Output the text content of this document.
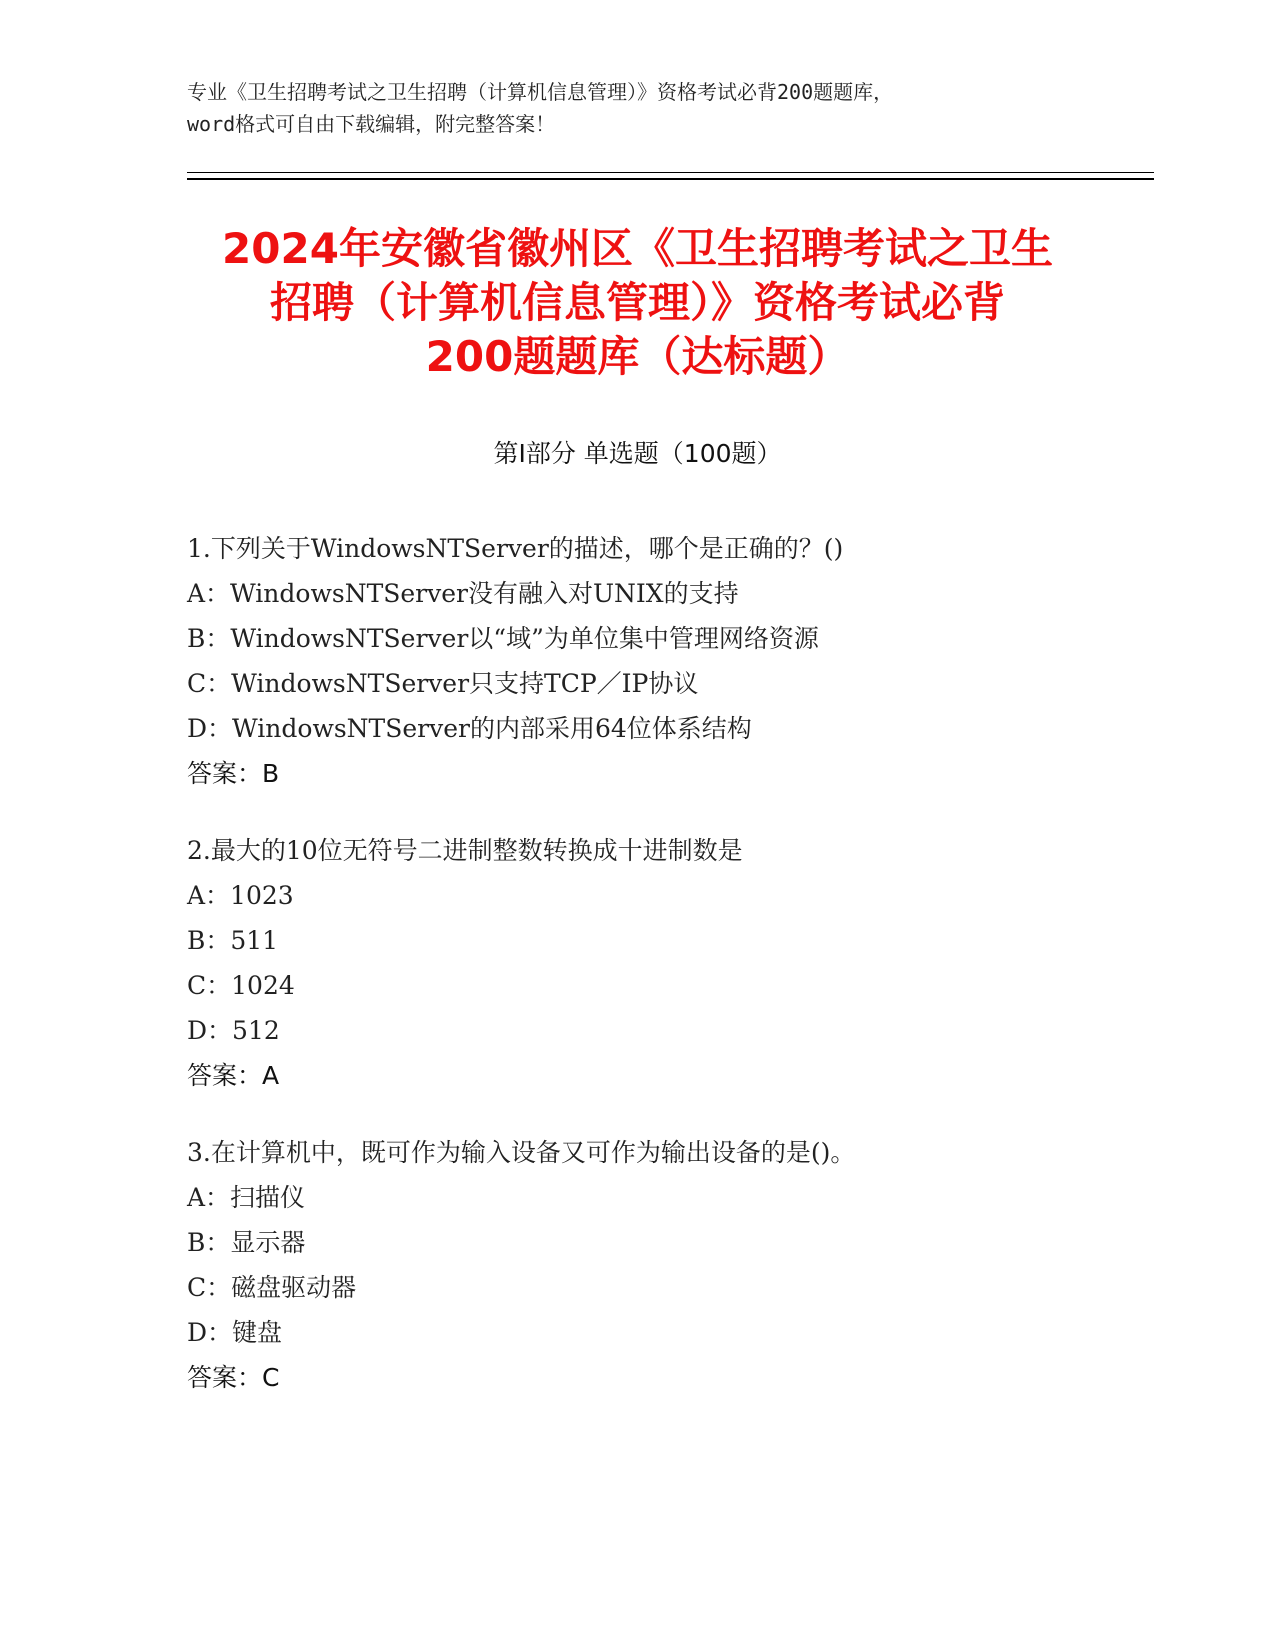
专业《卫生招聘考试之卫生招聘（计算机信息管理）》资格考试必背200题题库，
word格式可自由下载编辑，附完整答案！
2024年安徽省徽州区《卫生招聘考试之卫生
招聘（计算机信息管理）》资格考试必背
200题题库（达标题）
第Ⅰ部分 单选题（100题）
1.下列关于WindowsNTServer的描述，哪个是正确的？()
A：WindowsNTServer没有融入对UNIX的支持
B：WindowsNTServer以“域”为单位集中管理网络资源
C：WindowsNTServer只支持TCP／IP协议
D：WindowsNTServer的内部采用64位体系结构
答案：B
2.最大的10位无符号二进制整数转换成十进制数是
A：1023
B：511
C：1024
D：512
答案：A
3.在计算机中，既可作为输入设备又可作为输出设备的是()。
A：扫描仪
B：显示器
C：磁盘驱动器
D：键盘
答案：C
